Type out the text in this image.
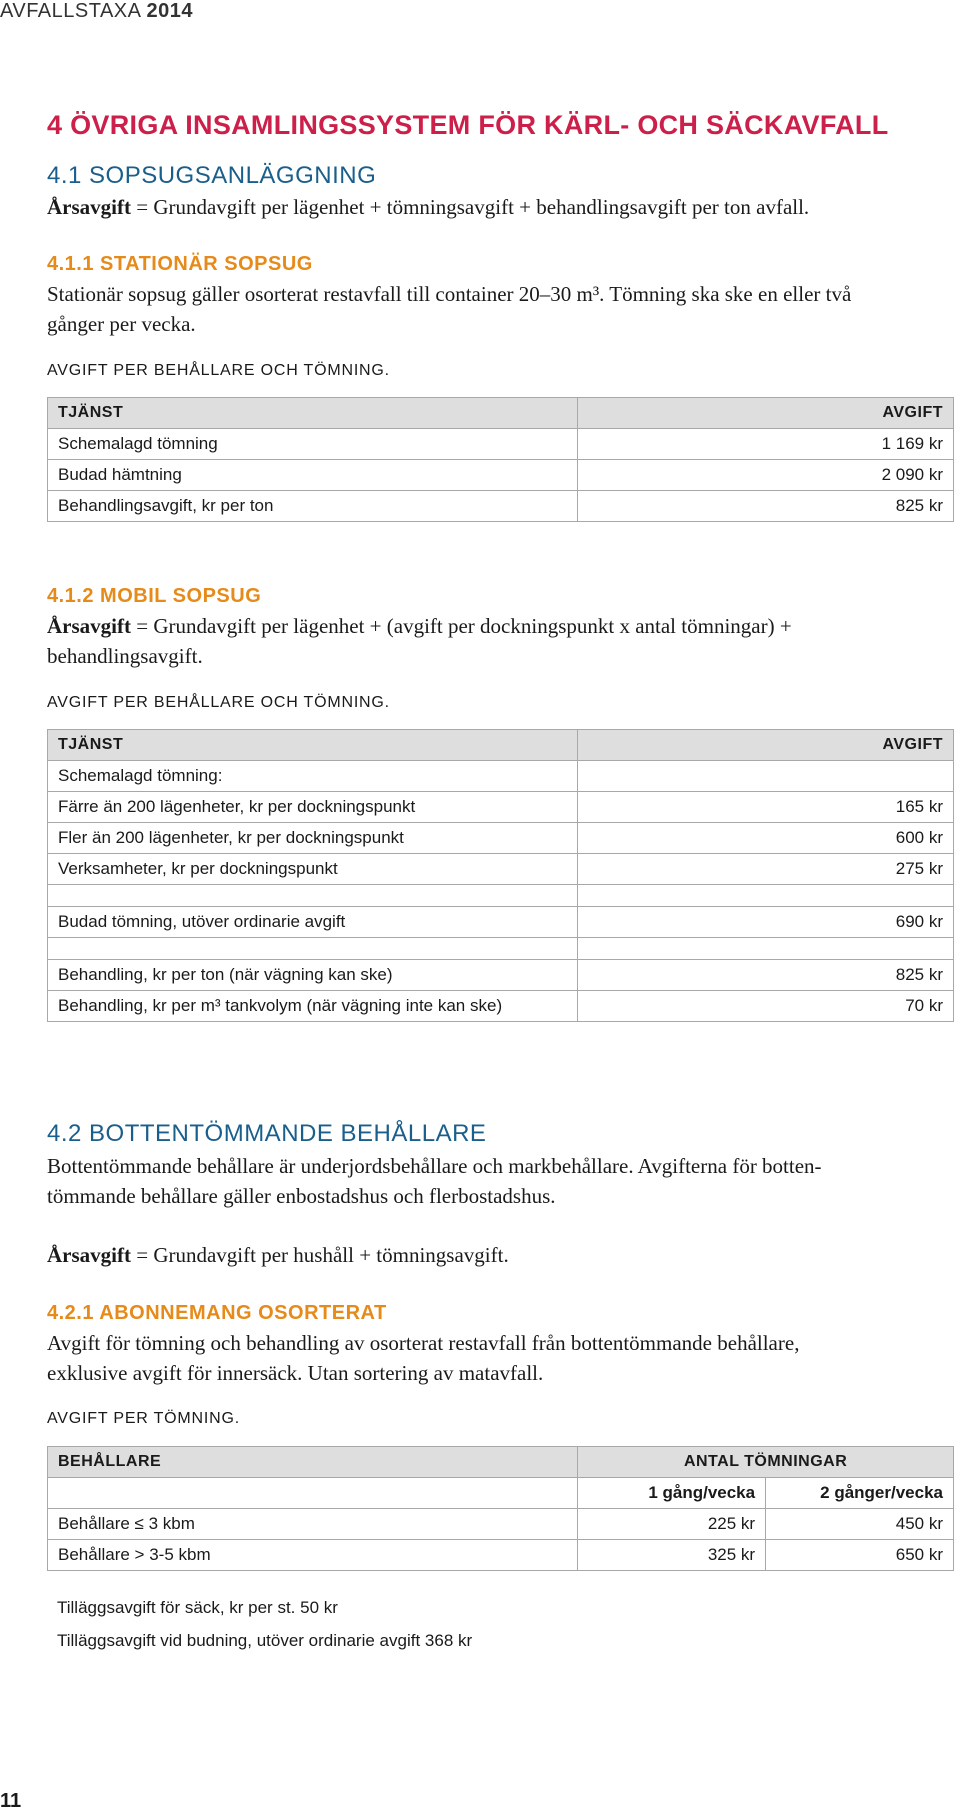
AVFALLSTAXA 2014
4 ÖVRIGA INSAMLINGSSYSTEM FÖR KÄRL- OCH SÄCKAVFALL
4.1 SOPSUGSANLÄGGNING
Årsavgift = Grundavgift per lägenhet + tömningsavgift + behandlingsavgift per ton avfall.
4.1.1 STATIONÄR SOPSUG
Stationär sopsug gäller osorterat restavfall till container 20–30 m³. Tömning ska ske en eller två
gånger per vecka.
AVGIFT PER BEHÅLLARE OCH TÖMNING.
TJÄNST	AVGIFT
Schemalagd tömning	1 169 kr
Budad hämtning	2 090 kr
Behandlingsavgift, kr per ton	825 kr
4.1.2 MOBIL SOPSUG
Årsavgift = Grundavgift per lägenhet + (avgift per dockningspunkt x antal tömningar) +
behandlingsavgift.
AVGIFT PER BEHÅLLARE OCH TÖMNING.
TJÄNST	AVGIFT
Schemalagd tömning:	
Färre än 200 lägenheter, kr per dockningspunkt	165 kr
Fler än 200 lägenheter, kr per dockningspunkt	600 kr
Verksamheter, kr per dockningspunkt	275 kr

Budad tömning, utöver ordinarie avgift	690 kr

Behandling, kr per ton (när vägning kan ske)	825 kr
Behandling, kr per m³ tankvolym (när vägning inte kan ske)	70 kr
4.2 BOTTENTÖMMANDE BEHÅLLARE
Bottentömmande behållare är underjordsbehållare och markbehållare. Avgifterna för botten-
tömmande behållare gäller enbostadshus och flerbostadshus.
Årsavgift = Grundavgift per hushåll + tömningsavgift.
4.2.1 ABONNEMANG OSORTERAT
Avgift för tömning och behandling av osorterat restavfall från bottentömmande behållare,
exklusive avgift för innersäck. Utan sortering av matavfall.
AVGIFT PER TÖMNING.
BEHÅLLARE	ANTAL TÖMNINGAR	
	1 gång/vecka	2 gånger/vecka
Behållare ≤ 3 kbm	225 kr	450 kr
Behållare > 3-5 kbm	325 kr	650 kr
Tilläggsavgift för säck, kr per st. 50 kr
Tilläggsavgift vid budning, utöver ordinarie avgift 368 kr
11
